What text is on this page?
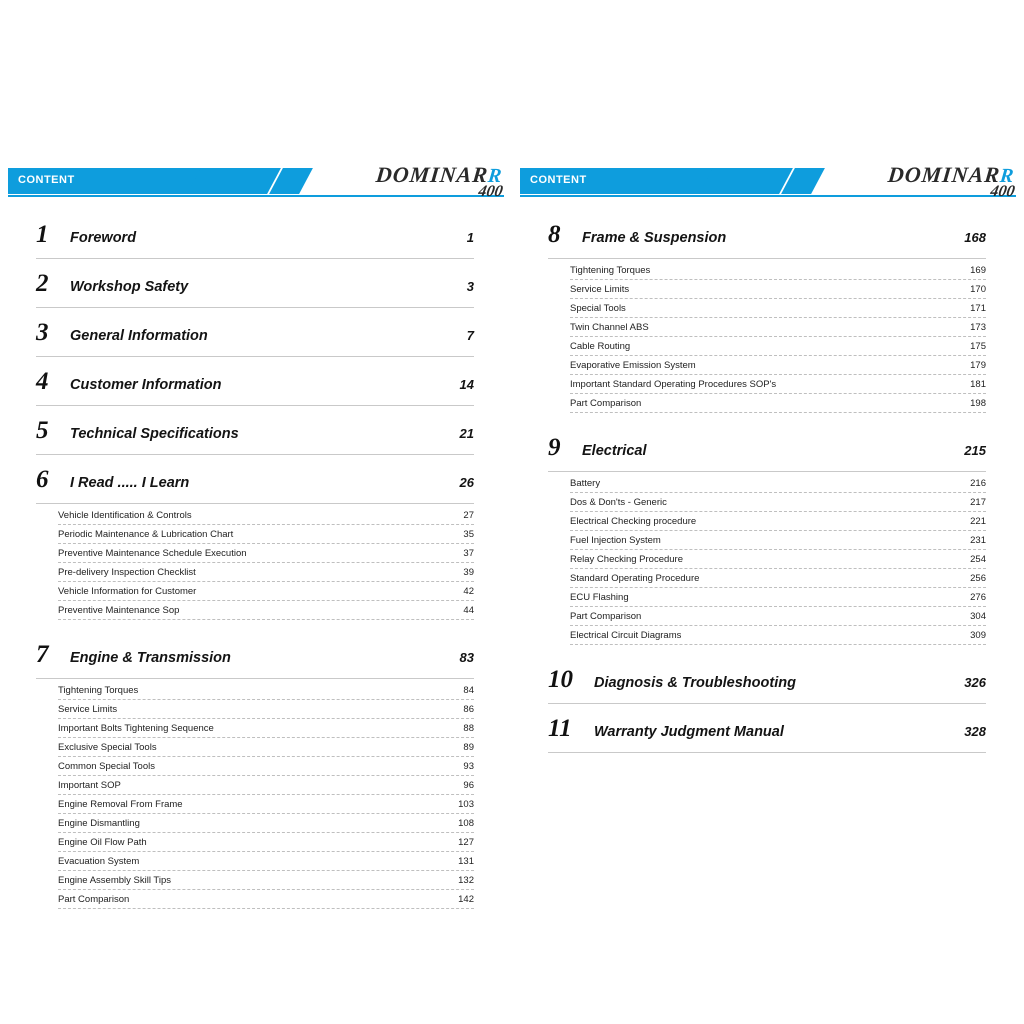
CONTENT	DOMINARR
400
1	Foreword	1
2	Workshop Safety	3
3	General Information	7
4	Customer Information	14
5	Technical Specifications	21
6	I Read ..... I Learn	26
Vehicle Identification & Controls	27
Periodic Maintenance & Lubrication Chart	35
Preventive Maintenance Schedule Execution	37
Pre-delivery Inspection Checklist	39
Vehicle Information for Customer	42
Preventive Maintenance Sop	44
7	Engine & Transmission	83
Tightening Torques	84
Service Limits	86
Important Bolts Tightening Sequence	88
Exclusive Special Tools	89
Common Special Tools	93
Important SOP	96
Engine Removal From Frame	103
Engine Dismantling	108
Engine Oil Flow Path	127
Evacuation System	131
Engine Assembly Skill Tips	132
Part Comparison	142
CONTENT	DOMINARR
400
8	Frame & Suspension	168
Tightening Torques	169
Service Limits	170
Special Tools	171
Twin Channel ABS	173
Cable Routing	175
Evaporative Emission System	179
Important Standard Operating Procedures SOP's	181
Part Comparison	198
9	Electrical	215
Battery	216
Dos & Don'ts - Generic	217
Electrical Checking procedure	221
Fuel Injection System	231
Relay Checking Procedure	254
Standard Operating Procedure	256
ECU Flashing	276
Part Comparison	304
Electrical Circuit Diagrams	309
10	Diagnosis & Troubleshooting	326
11	Warranty Judgment Manual	328
